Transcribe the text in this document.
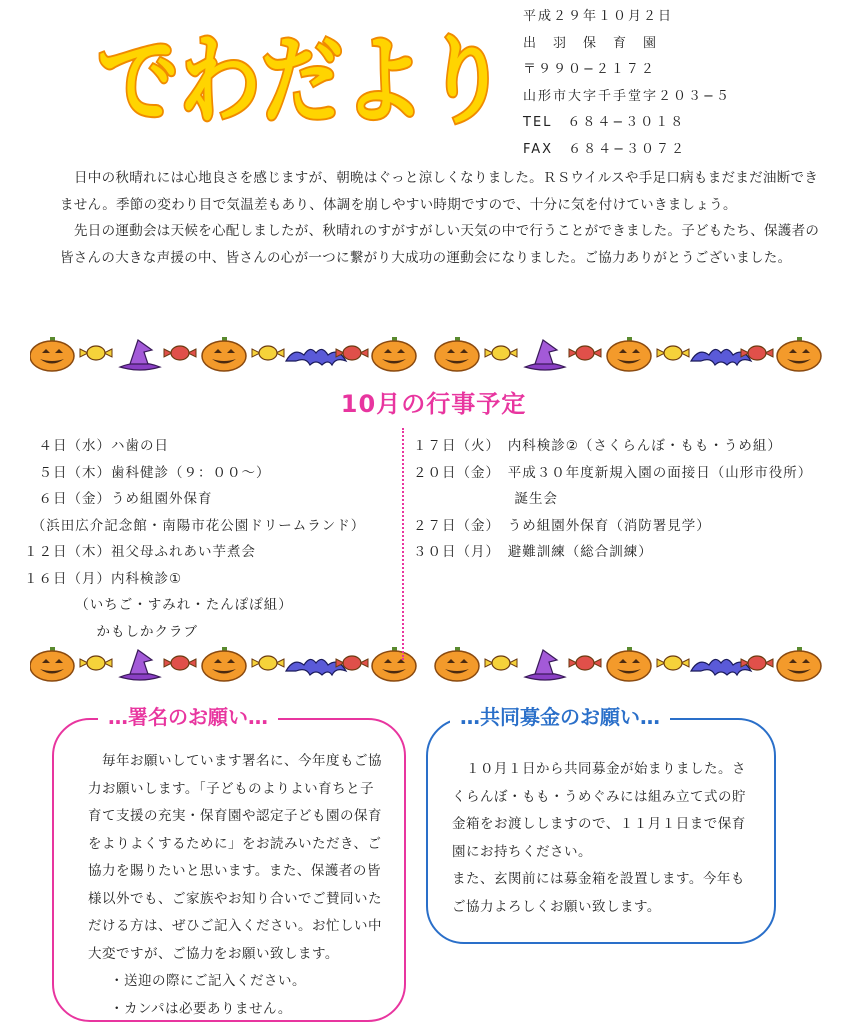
でわだより
平成２９年１０月２日
出　羽　保　育　園
〒９９０−２１７２
山形市大字千手堂字２０３−５
TEL　６８４−３０１８
FAX　６８４−３０７２

日中の秋晴れには心地良さを感じますが、朝晩はぐっと涼しくなりました。ＲＳウイルスや手足口病もまだまだ油断できません。季節の変わり目で気温差もあり、体調を崩しやすい時期ですので、十分に気を付けていきましょう。

先日の運動会は天候を心配しましたが、秋晴れのすがすがしい天気の中で行うことができました。子どもたち、保護者の皆さんの大きな声援の中、皆さんの心が一つに繋がり大成功の運動会になりました。ご協力ありがとうございました。

10月の行事予定
　４日（水）ハ歯の日
　５日（木）歯科健診（９：００〜）
　６日（金）うめ組園外保育
　（浜田広介記念館・南陽市花公園ドリームランド）
１２日（木）祖父母ふれあい芋煮会
１６日（月）内科検診①
　　　　（いちご・すみれ・たんぽぽ組）
　　　　　かもしかクラブ
１７日（火）　内科検診②（さくらんぼ・もも・うめ組）
２０日（金）　平成３０年度新規入園の面接日（山形市役所）
　　　　　　　誕生会
２７日（金）　うめ組園外保育（消防署見学）
３０日（月）　避難訓練（総合訓練）
…署名のお願い…

毎年お願いしています署名に、今年度もご協力お願いします。「子どものよりよい育ちと子育て支援の充実・保育園や認定子ども園の保育をよりよくするために」をお読みいただき、ご協力を賜りたいと思います。また、保護者の皆様以外でも、ご家族やお知り合いでご賛同いただける方は、ぜひご記入ください。お忙しい中大変ですが、ご協力をお願い致します。

・送迎の際にご記入ください。

・カンパは必要ありません。

…共同募金のお願い…

１０月１日から共同募金が始まりました。さくらんぼ・もも・うめぐみには組み立て式の貯金箱をお渡ししますので、１１月１日まで保育園にお持ちください。

また、玄関前には募金箱を設置します。今年もご協力よろしくお願い致します。
